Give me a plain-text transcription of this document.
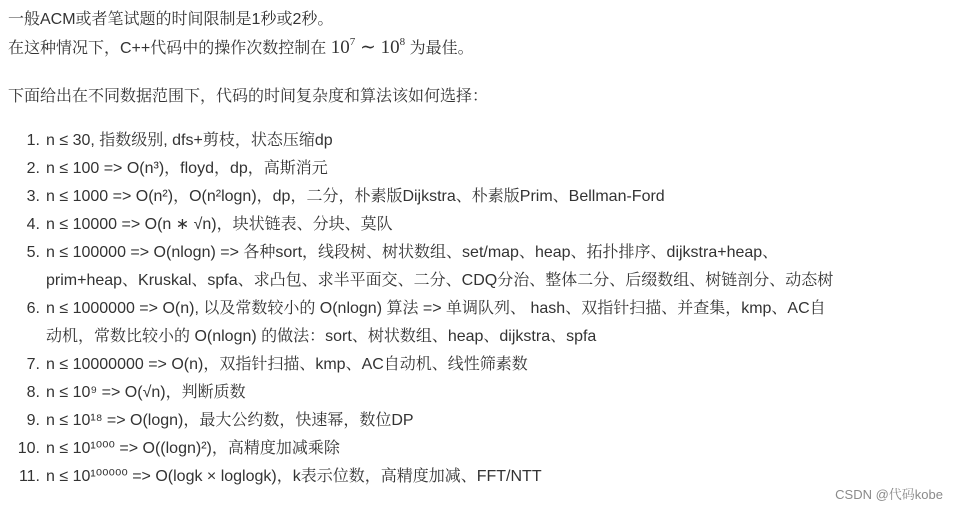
一般ACM或者笔试题的时间限制是1秒或2秒。
在这种情况下，C++代码中的操作次数控制在 $10^7$ ∼ $10^8$ 为最佳。
下面给出在不同数据范围下，代码的时间复杂度和算法该如何选择：
1. n ≤ 30, 指数级别, dfs+剪枝，状态压缩dp
2. n ≤ 100 => O(n³)，floyd，dp，高斯消元
3. n ≤ 1000 => O(n²)，O(n²logn)，dp，二分，朴素版Dijkstra、朴素版Prim、Bellman-Ford
4. n ≤ 10000 => O(n ∗ √n)，块状链表、分块、莫队
5. n ≤ 100000 => O(nlogn) => 各种sort，线段树、树状数组、set/map、heap、拓扑排序、dijkstra+heap、
prim+heap、Kruskal、spfa、求凸包、求半平面交、二分、CDQ分治、整体二分、后缀数组、树链剖分、动态树
6. n ≤ 1000000 => O(n), 以及常数较小的 O(nlogn) 算法 => 单调队列、 hash、双指针扫描、并查集，kmp、AC自
动机，常数比较小的 O(nlogn) 的做法：sort、树状数组、heap、dijkstra、spfa
7. n ≤ 10000000 => O(n)，双指针扫描、kmp、AC自动机、线性筛素数
8. n ≤ 10⁹ => O(√n)，判断质数
9. n ≤ 10¹⁸ => O(logn)，最大公约数，快速幂，数位DP
10. n ≤ 10¹⁰⁰⁰ => O((logn)²)，高精度加减乘除
11. n ≤ 10¹⁰⁰⁰⁰⁰ => O(logk × loglogk)，k表示位数，高精度加减、FFT/NTT
CSDN @代码kobe
